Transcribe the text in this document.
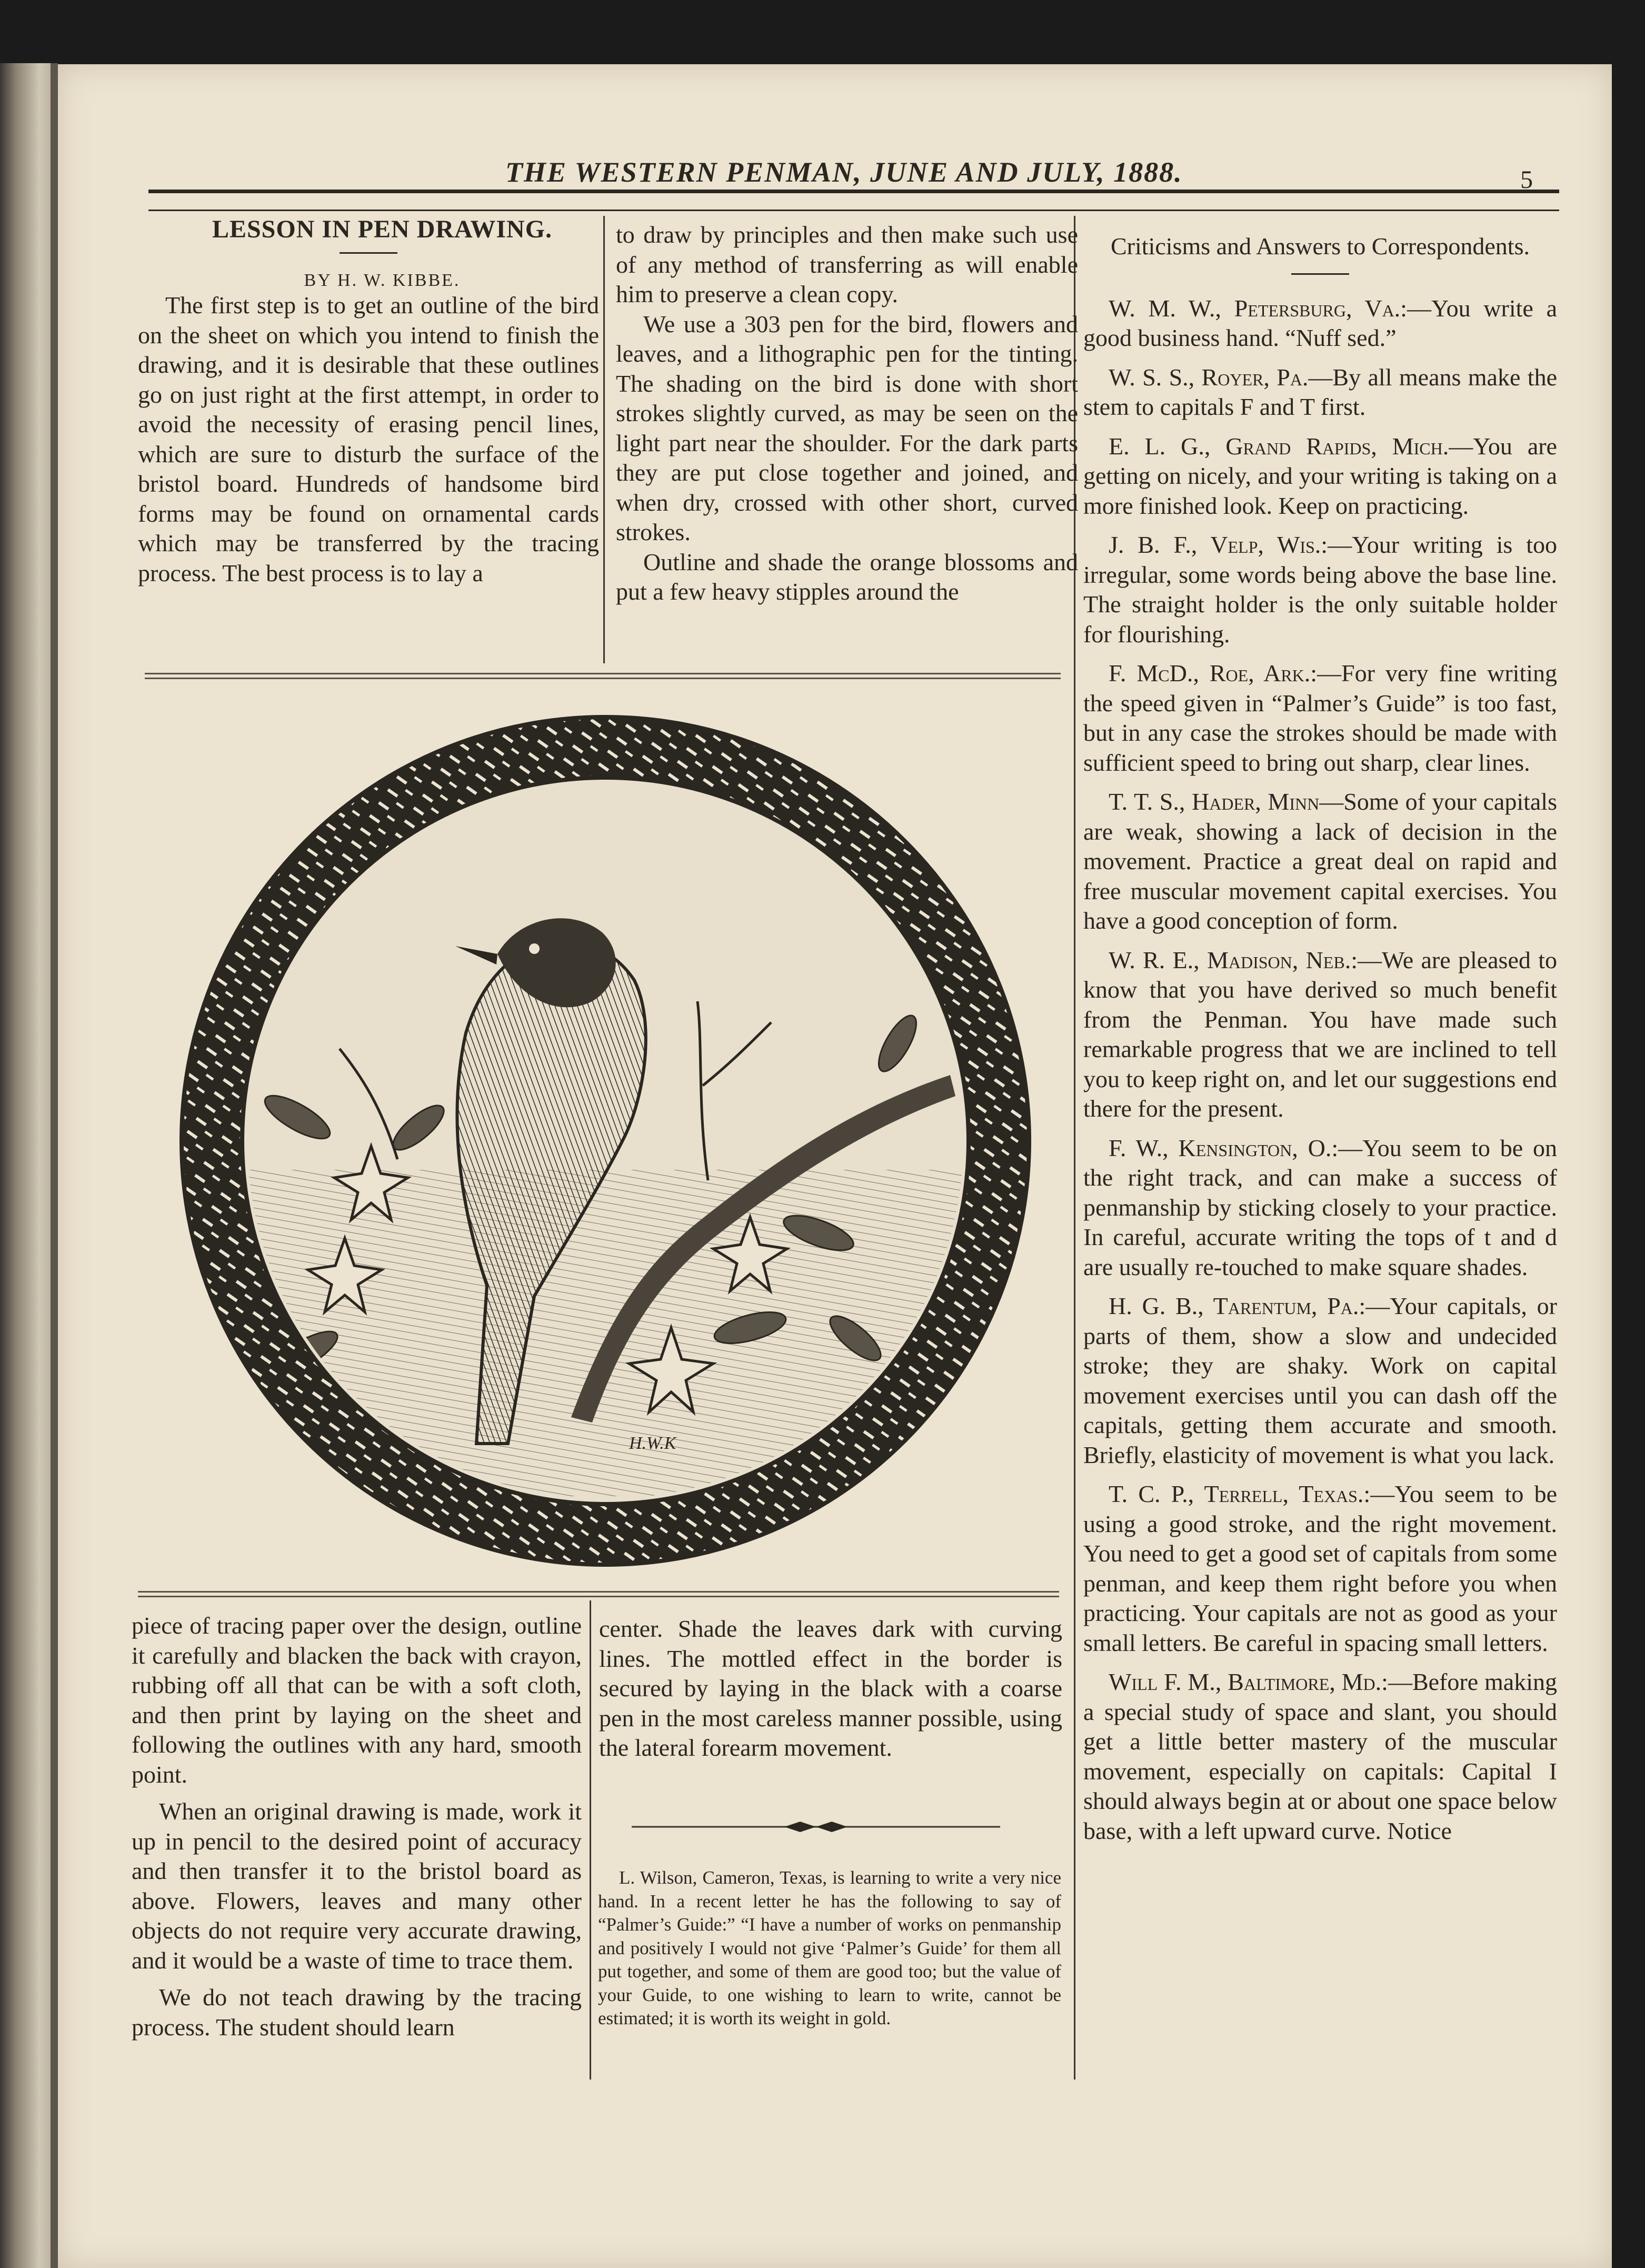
THE WESTERN PENMAN, JUNE AND JULY, 1888.	5

LESSON IN PEN DRAWING.

BY H. W. KIBBE.

The first step is to get an outline of the bird on the sheet on which you intend to finish the drawing, and it is desirable that these outlines go on just right at the first attempt, in order to avoid the necessity of erasing pencil lines, which are sure to disturb the surface of the bristol board. Hundreds of handsome bird forms may be found on ornamental cards which may be transferred by the tracing process. The best process is to lay a

to draw by principles and then make such use of any method of transferring as will enable him to preserve a clean copy.

We use a 303 pen for the bird, flowers and leaves, and a lithographic pen for the tinting. The shading on the bird is done with short strokes slightly curved, as may be seen on the light part near the shoulder. For the dark parts they are put close together and joined, and when dry, crossed with other short, curved strokes.

Outline and shade the orange blossoms and put a few heavy stipples around the

H.W.K

piece of tracing paper over the design, outline it carefully and blacken the back with crayon, rubbing off all that can be with a soft cloth, and then print by laying on the sheet and following the outlines with any hard, smooth point.

When an original drawing is made, work it up in pencil to the desired point of accuracy and then transfer it to the bristol board as above. Flowers, leaves and many other objects do not require very accurate drawing, and it would be a waste of time to trace them.

We do not teach drawing by the tracing process. The student should learn

center. Shade the leaves dark with curving lines. The mottled effect in the border is secured by laying in the black with a coarse pen in the most careless manner possible, using the lateral forearm movement.

L. Wilson, Cameron, Texas, is learning to write a very nice hand. In a recent letter he has the following to say of “Palmer’s Guide:” “I have a number of works on penmanship and positively I would not give ‘Palmer’s Guide’ for them all put together, and some of them are good too; but the value of your Guide, to one wishing to learn to write, cannot be estimated; it is worth its weight in gold.

Criticisms and Answers to Correspondents.

W. M. W., Petersburg, Va.:—You write a good business hand. “Nuff sed.”

W. S. S., Royer, Pa.—By all means make the stem to capitals F and T first.

E. L. G., Grand Rapids, Mich.—You are getting on nicely, and your writing is taking on a more finished look. Keep on practicing.

J. B. F., Velp, Wis.:—Your writing is too irregular, some words being above the base line. The straight holder is the only suitable holder for flourishing.

F. McD., Roe, Ark.:—For very fine writing the speed given in “Palmer’s Guide” is too fast, but in any case the strokes should be made with sufficient speed to bring out sharp, clear lines.

T. T. S., Hader, Minn—Some of your capitals are weak, showing a lack of decision in the movement. Practice a great deal on rapid and free muscular movement capital exercises. You have a good conception of form.

W. R. E., Madison, Neb.:—We are pleased to know that you have derived so much benefit from the Penman. You have made such remarkable progress that we are inclined to tell you to keep right on, and let our suggestions end there for the present.

F. W., Kensington, O.:—You seem to be on the right track, and can make a success of penmanship by sticking closely to your practice. In careful, accurate writing the tops of t and d are usually re-touched to make square shades.

H. G. B., Tarentum, Pa.:—Your capitals, or parts of them, show a slow and undecided stroke; they are shaky. Work on capital movement exercises until you can dash off the capitals, getting them accurate and smooth. Briefly, elasticity of movement is what you lack.

T. C. P., Terrell, Texas.:—You seem to be using a good stroke, and the right movement. You need to get a good set of capitals from some penman, and keep them right before you when practicing. Your capitals are not as good as your small letters. Be careful in spacing small letters.

Will F. M., Baltimore, Md.:—Before making a special study of space and slant, you should get a little better mastery of the muscular movement, especially on capitals: Capital I should always begin at or about one space below base, with a left upward curve. Notice
